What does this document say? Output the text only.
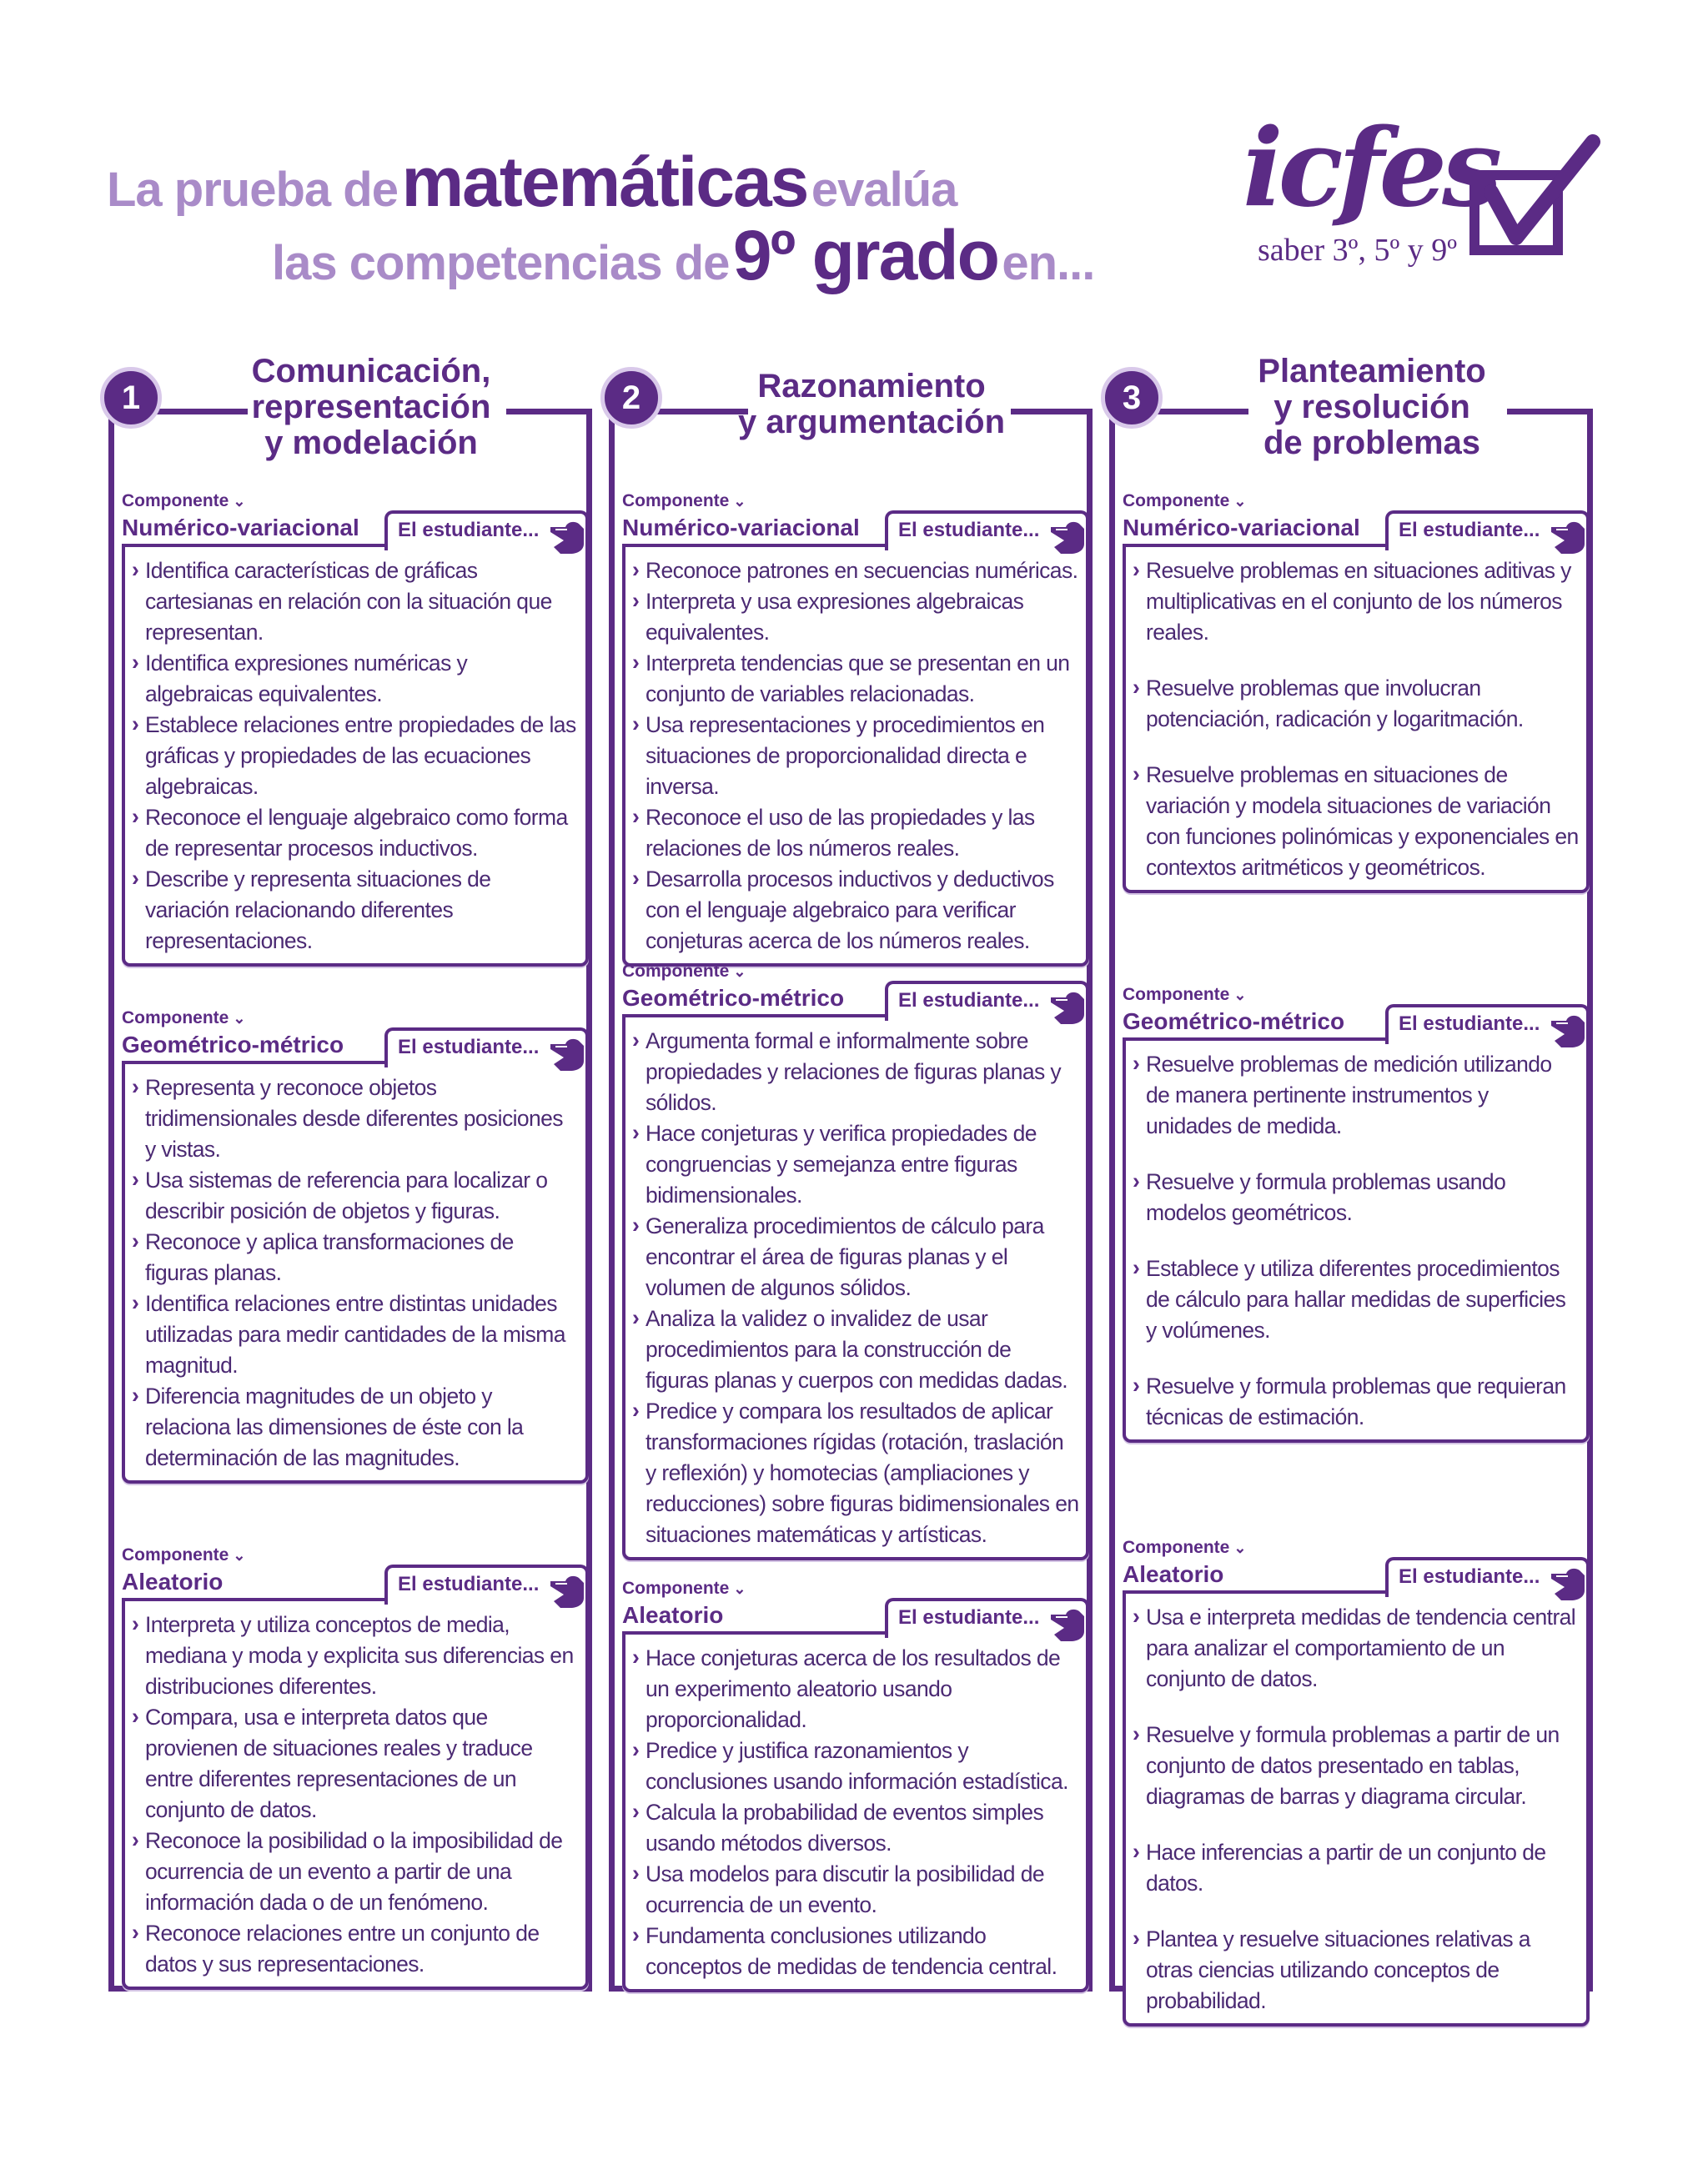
La prueba de matemáticas evalúa
las competencias de 9º grado en...
icfes
saber 3º, 5º y 9º
1
Comunicación,
representación
y modelación
Componente ⌄
Numérico-variacional	El estudiante...
› Identifica características de gráficas cartesianas en relación con la situación que representan.
› Identifica expresiones numéricas y algebraicas equivalentes.
› Establece relaciones entre propiedades de las gráficas y propiedades de las ecuaciones algebraicas.
› Reconoce el lenguaje algebraico como forma de representar procesos inductivos.
› Describe y representa situaciones de variación relacionando diferentes representaciones.
Componente ⌄
Geométrico-métrico	El estudiante...
› Representa y reconoce objetos tridimensionales desde diferentes posiciones y vistas.
› Usa sistemas de referencia para localizar o describir posición de objetos y figuras.
› Reconoce y aplica transformaciones de figuras planas.
› Identifica relaciones entre distintas unidades utilizadas para medir cantidades de la misma magnitud.
› Diferencia magnitudes de un objeto y relaciona las dimensiones de éste con la determinación de las magnitudes.
Componente ⌄
Aleatorio	El estudiante...
› Interpreta y utiliza conceptos de media, mediana y moda y explicita sus diferencias en distribuciones diferentes.
› Compara, usa e interpreta datos que provienen de situaciones reales y traduce entre diferentes representaciones de un conjunto de datos.
› Reconoce la posibilidad o la imposibilidad de ocurrencia de un evento a partir de una información dada o de un fenómeno.
› Reconoce relaciones entre un conjunto de datos y sus representaciones.
2	Razonamiento
y argumentación
Componente ⌄
Numérico-variacional	El estudiante...
› Reconoce patrones en secuencias numéricas.
› Interpreta y usa expresiones algebraicas equivalentes.
› Interpreta tendencias que se presentan en un conjunto de variables relacionadas.
› Usa representaciones y procedimientos en situaciones de proporcionalidad directa e inversa.
› Reconoce el uso de las propiedades y las relaciones de los números reales.
› Desarrolla procesos inductivos y deductivos con el lenguaje algebraico para verificar conjeturas acerca de los números reales.
Componente ⌄
Geométrico-métrico	El estudiante...
› Argumenta formal e informalmente sobre propiedades y relaciones de figuras planas y sólidos.
› Hace conjeturas y verifica propiedades de congruencias y semejanza entre figuras bidimensionales.
› Generaliza procedimientos de cálculo para encontrar el área de figuras planas y el volumen de algunos sólidos.
› Analiza la validez o invalidez de usar procedimientos para la construcción de figuras planas y cuerpos con medidas dadas.
› Predice y compara los resultados de aplicar transformaciones rígidas (rotación, traslación y reflexión) y homotecias (ampliaciones y reducciones) sobre figuras bidimensionales en situaciones matemáticas y artísticas.
Componente ⌄
Aleatorio	El estudiante...
› Hace conjeturas acerca de los resultados de un experimento aleatorio usando proporcionalidad.
› Predice y justifica razonamientos y conclusiones usando información estadística.
› Calcula la probabilidad de eventos simples usando métodos diversos.
› Usa modelos para discutir la posibilidad de ocurrencia de un evento.
› Fundamenta conclusiones utilizando conceptos de medidas de tendencia central.
3
Planteamiento
y resolución
de problemas
Componente ⌄
Numérico-variacional	El estudiante...
› Resuelve problemas en situaciones aditivas y multiplicativas en el conjunto de los números reales.
› Resuelve problemas que involucran potenciación, radicación y logaritmación.
› Resuelve problemas en situaciones de variación y modela situaciones de variación con funciones polinómicas y exponenciales en contextos aritméticos y geométricos.
Componente ⌄
Geométrico-métrico	El estudiante...
› Resuelve problemas de medición utilizando de manera pertinente instrumentos y unidades de medida.
› Resuelve y formula problemas usando modelos geométricos.
› Establece y utiliza diferentes procedimientos de cálculo para hallar medidas de superficies y volúmenes.
› Resuelve y formula problemas que requieran técnicas de estimación.
Componente ⌄
Aleatorio	El estudiante...
› Usa e interpreta medidas de tendencia central para analizar el comportamiento de un conjunto de datos.
› Resuelve y formula problemas a partir de un conjunto de datos presentado en tablas, diagramas de barras y diagrama circular.
› Hace inferencias a partir de un conjunto de datos.
› Plantea y resuelve situaciones relativas a otras ciencias utilizando conceptos de probabilidad.
